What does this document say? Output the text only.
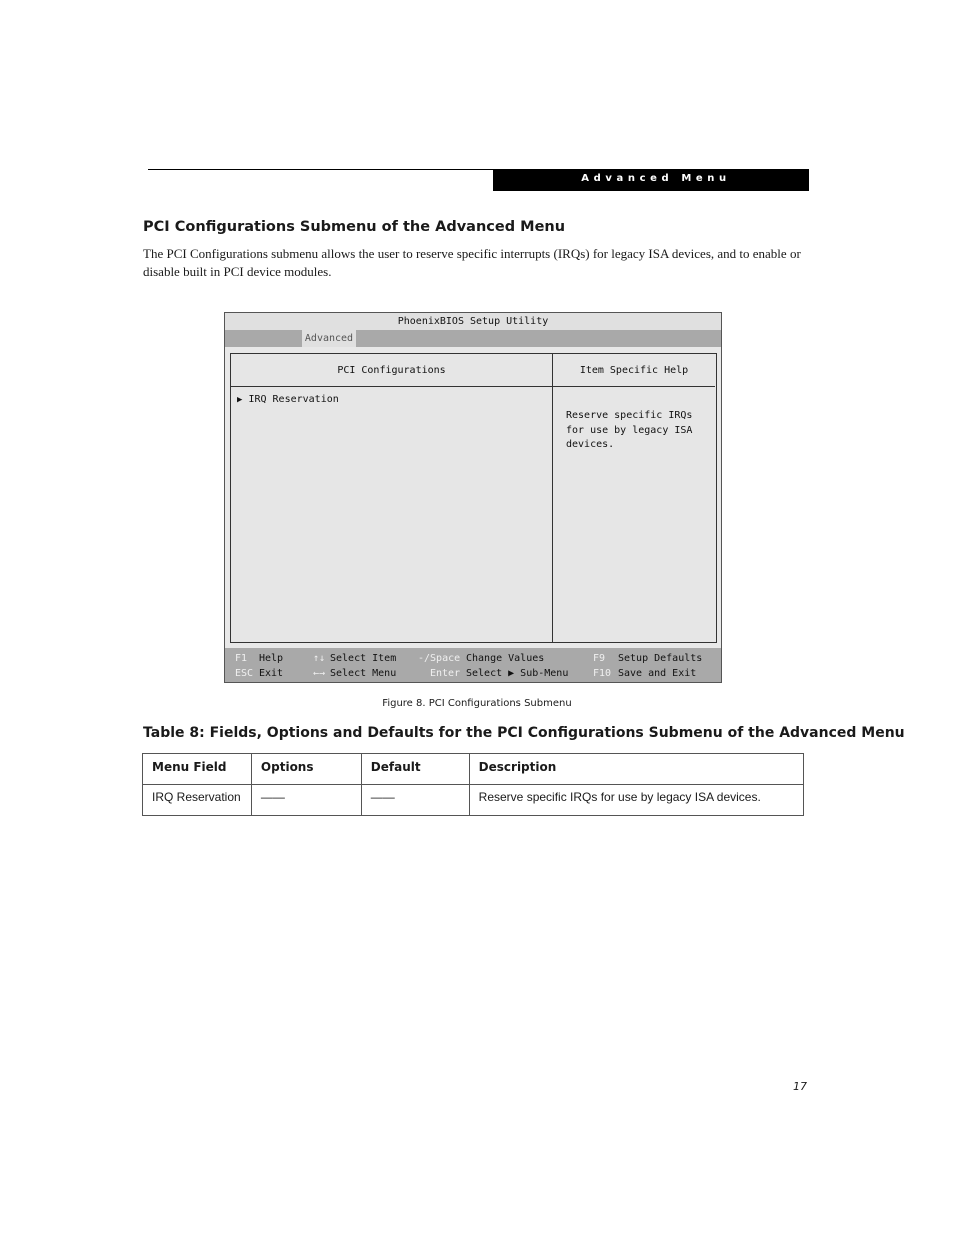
Advanced Menu
PCI Configurations Submenu of the Advanced Menu
The PCI Configurations submenu allows the user to reserve specific interrupts (IRQs) for legacy ISA devices, and to enable or disable built in PCI device modules.
PhoenixBIOS Setup Utility
Advanced
PCI Configurations
▶ IRQ Reservation
Item Specific Help
Reserve specific IRQs
for use by legacy ISA
devices.
F1 Help	↑↓ Select Item -/Space Change Values	F9 Setup Defaults
ESC Exit	←→ Select Menu	Enter Select ▶ Sub-Menu F10 Save and Exit
Figure 8. PCI Configurations Submenu
Table 8: Fields, Options and Defaults for the PCI Configurations Submenu of the Advanced Menu
Menu Field	Options	Default	Description
IRQ Reservation	——	——	Reserve specific IRQs for use by legacy ISA devices.
17
